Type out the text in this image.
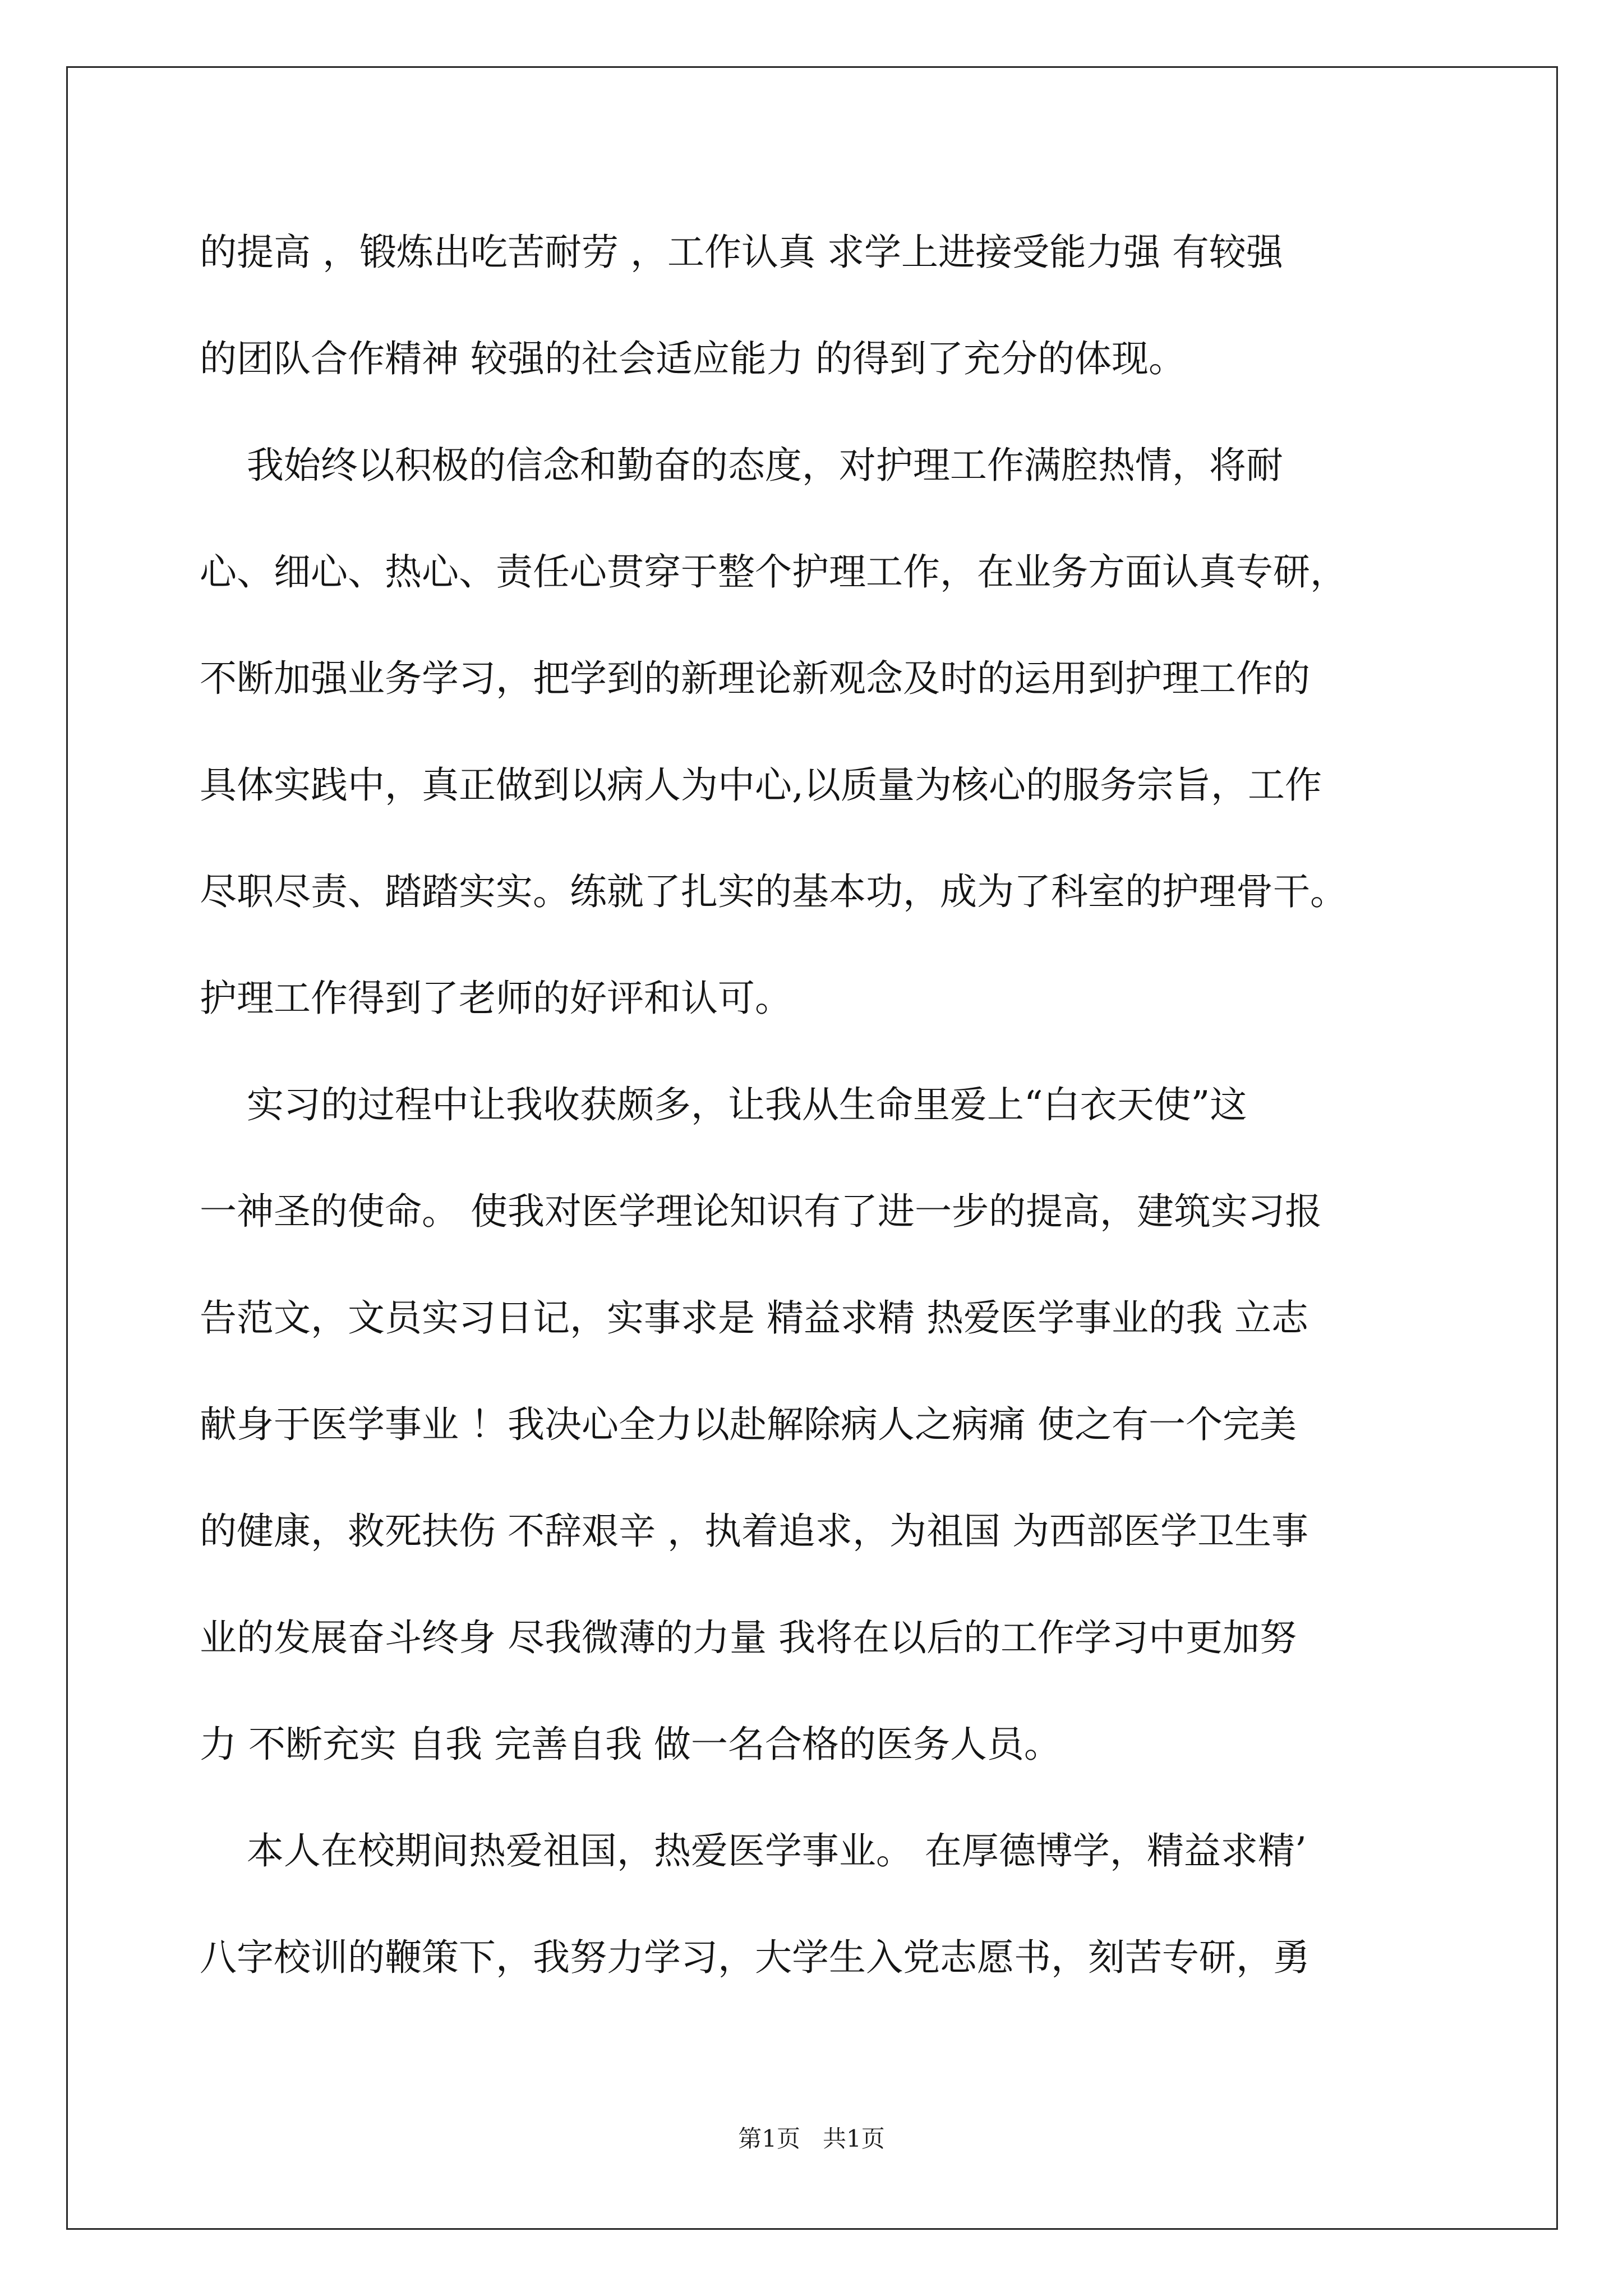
的提高 ，锻炼出吃苦耐劳 ，工作认真 求学上进接受能力强 有较强
的团队合作精神 较强的社会适应能力 的得到了充分的体现。
我始终以积极的信念和勤奋的态度，对护理工作满腔热情，将耐
心、细心、热心、责任心贯穿于整个护理工作，在业务方面认真专研，
不断加强业务学习，把学到的新理论新观念及时的运用到护理工作的
具体实践中，真正做到以病人为中心,以质量为核心的服务宗旨，工作
尽职尽责、踏踏实实。练就了扎实的基本功，成为了科室的护理骨干。
护理工作得到了老师的好评和认可。
实习的过程中让我收获颇多，让我从生命里爱上“白衣天使”这
一神圣的使命。 使我对医学理论知识有了进一步的提高，建筑实习报
告范文，文员实习日记，实事求是 精益求精 热爱医学事业的我 立志
献身于医学事业 ！我决心全力以赴解除病人之病痛 使之有一个完美
的健康，救死扶伤 不辞艰辛 ，执着追求，为祖国 为西部医学卫生事
业的发展奋斗终身 尽我微薄的力量 我将在以后的工作学习中更加努
力 不断充实 自我 完善自我 做一名合格的医务人员。
本人在校期间热爱祖国，热爱医学事业。 在厚德博学，精益求精’
八字校训的鞭策下，我努力学习，大学生入党志愿书，刻苦专研，勇
第1页   共1页
